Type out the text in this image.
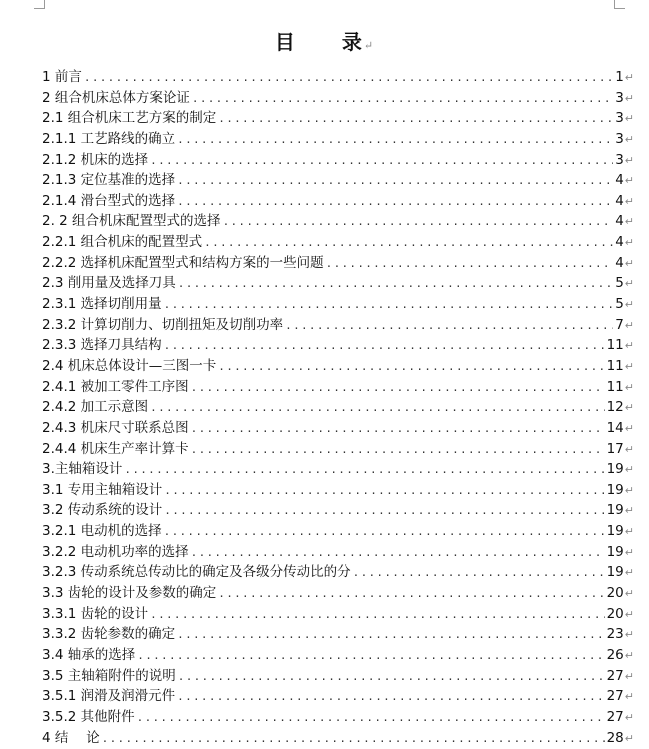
目 录↵
1 前言 .....	1 ↵
2 组合机床总体方案论证 .....	3 ↵
2.1 组合机床工艺方案的制定 .....	3 ↵
2.1.1 工艺路线的确立 .....	3 ↵
2.1.2 机床的选择 .....	3 ↵
2.1.3 定位基准的选择 .....	4 ↵
2.1.4 滑台型式的选择 .....	4 ↵
2. 2 组合机床配置型式的选择 .....	4 ↵
2.2.1 组合机床的配置型式 .....	4 ↵
2.2.2 选择机床配置型式和结构方案的一些问题 .....	4 ↵
2.3 削用量及选择刀具 .....	5 ↵
2.3.1 选择切削用量 .....	5 ↵
2.3.2 计算切削力、切削扭矩及切削功率 .....	7 ↵
2.3.3 选择刀具结构 .....	11 ↵
2.4 机床总体设计—三图一卡 .....	11 ↵
2.4.1 被加工零件工序图 .....	11 ↵
2.4.2 加工示意图 .....	12 ↵
2.4.3 机床尺寸联系总图 .....	14 ↵
2.4.4 机床生产率计算卡 .....	17 ↵
3.主轴箱设计 .....	19 ↵
3.1 专用主轴箱设计 .....	19 ↵
3.2 传动系统的设计 .....	19 ↵
3.2.1 电动机的选择 .....	19 ↵
3.2.2 电动机功率的选择 .....	19 ↵
3.2.3 传动系统总传动比的确定及各级分传动比的分 .....	19 ↵
3.3 齿轮的设计及参数的确定 .....	20 ↵
3.3.1 齿轮的设计 .....	20 ↵
3.3.2 齿轮参数的确定 .....	23 ↵
3.4 轴承的选择 .....	26 ↵
3.5 主轴箱附件的说明 .....	27 ↵
3.5.1 润滑及润滑元件 .....	27 ↵
3.5.2 其他附件 .....	27 ↵
4 结　 论 .....	28 ↵
